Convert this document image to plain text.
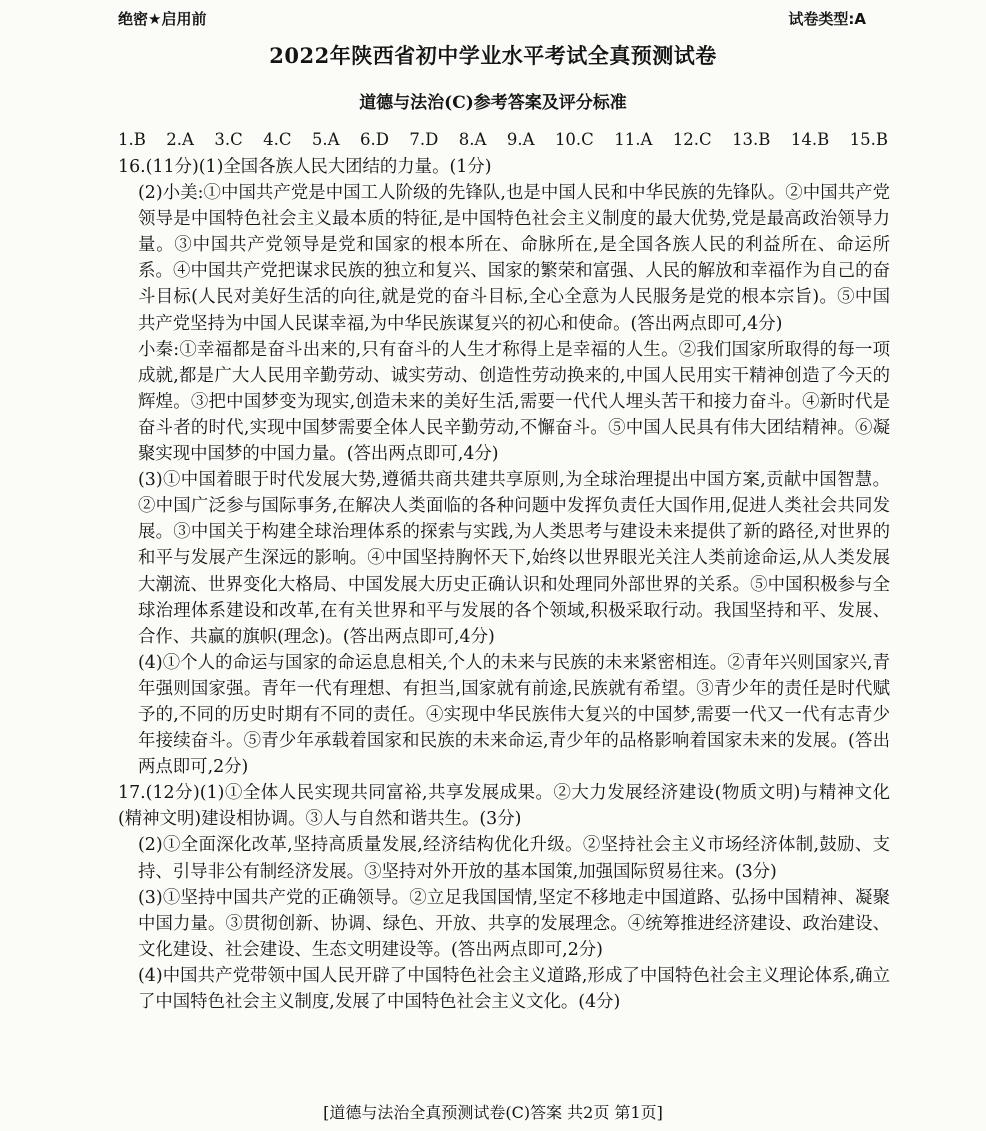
绝密★启用前	试卷类型:A
2022年陕西省初中学业水平考试全真预测试卷
道德与法治(C)参考答案及评分标准
1.B 2.A 3.C 4.C 5.A 6.D 7.D 8.A 9.A 10.C 11.A 12.C 13.B 14.B 15.B

16.(11分)(1)全国各族人民大团结的力量。(1分)

(2)小美:①中国共产党是中国工人阶级的先锋队,也是中国人民和中华民族的先锋队。②中国共产党领导是中国特色社会主义最本质的特征,是中国特色社会主义制度的最大优势,党是最高政治领导力量。③中国共产党领导是党和国家的根本所在、命脉所在,是全国各族人民的利益所在、命运所系。④中国共产党把谋求民族的独立和复兴、国家的繁荣和富强、人民的解放和幸福作为自己的奋斗目标(人民对美好生活的向往,就是党的奋斗目标,全心全意为人民服务是党的根本宗旨)。⑤中国共产党坚持为中国人民谋幸福,为中华民族谋复兴的初心和使命。(答出两点即可,4分)

小秦:①幸福都是奋斗出来的,只有奋斗的人生才称得上是幸福的人生。②我们国家所取得的每一项成就,都是广大人民用辛勤劳动、诚实劳动、创造性劳动换来的,中国人民用实干精神创造了今天的辉煌。③把中国梦变为现实,创造未来的美好生活,需要一代代人埋头苦干和接力奋斗。④新时代是奋斗者的时代,实现中国梦需要全体人民辛勤劳动,不懈奋斗。⑤中国人民具有伟大团结精神。⑥凝聚实现中国梦的中国力量。(答出两点即可,4分)

(3)①中国着眼于时代发展大势,遵循共商共建共享原则,为全球治理提出中国方案,贡献中国智慧。②中国广泛参与国际事务,在解决人类面临的各种问题中发挥负责任大国作用,促进人类社会共同发展。③中国关于构建全球治理体系的探索与实践,为人类思考与建设未来提供了新的路径,对世界的和平与发展产生深远的影响。④中国坚持胸怀天下,始终以世界眼光关注人类前途命运,从人类发展大潮流、世界变化大格局、中国发展大历史正确认识和处理同外部世界的关系。⑤中国积极参与全球治理体系建设和改革,在有关世界和平与发展的各个领域,积极采取行动。我国坚持和平、发展、合作、共赢的旗帜(理念)。(答出两点即可,4分)

(4)①个人的命运与国家的命运息息相关,个人的未来与民族的未来紧密相连。②青年兴则国家兴,青年强则国家强。青年一代有理想、有担当,国家就有前途,民族就有希望。③青少年的责任是时代赋予的,不同的历史时期有不同的责任。④实现中华民族伟大复兴的中国梦,需要一代又一代有志青少年接续奋斗。⑤青少年承载着国家和民族的未来命运,青少年的品格影响着国家未来的发展。(答出两点即可,2分)

17.(12分)(1)①全体人民实现共同富裕,共享发展成果。②大力发展经济建设(物质文明)与精神文化(精神文明)建设相协调。③人与自然和谐共生。(3分)

(2)①全面深化改革,坚持高质量发展,经济结构优化升级。②坚持社会主义市场经济体制,鼓励、支持、引导非公有制经济发展。③坚持对外开放的基本国策,加强国际贸易往来。(3分)

(3)①坚持中国共产党的正确领导。②立足我国国情,坚定不移地走中国道路、弘扬中国精神、凝聚中国力量。③贯彻创新、协调、绿色、开放、共享的发展理念。④统筹推进经济建设、政治建设、文化建设、社会建设、生态文明建设等。(答出两点即可,2分)

(4)中国共产党带领中国人民开辟了中国特色社会主义道路,形成了中国特色社会主义理论体系,确立了中国特色社会主义制度,发展了中国特色社会主义文化。(4分)

[道德与法治全真预测试卷(C)答案 共2页 第1页]
